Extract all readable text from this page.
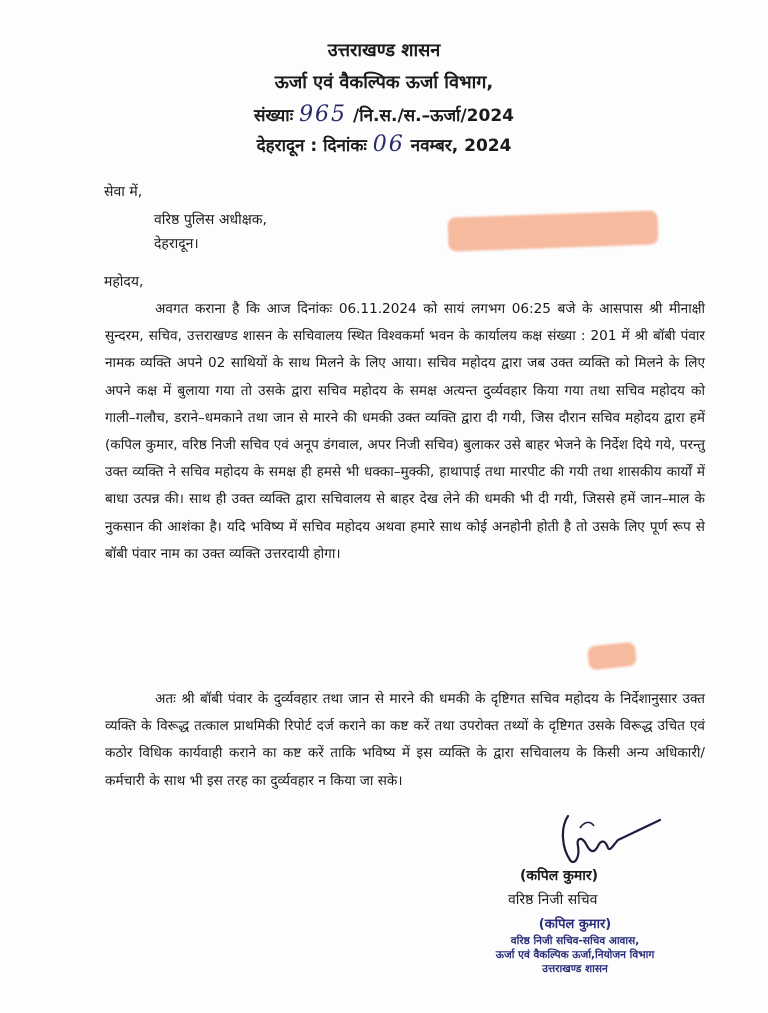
उत्तराखण्ड शासन
ऊर्जा एवं वैकल्पिक ऊर्जा विभाग,
संख्याः 965 /नि.स./स.–ऊर्जा/2024
देहरादून : दिनांकः 06 नवम्बर, 2024
सेवा में,
वरिष्ठ पुलिस अधीक्षक,
देहरादून।
महोदय,
अवगत कराना है कि आज दिनांकः 06.11.2024 को सायं लगभग 06:25 बजे के आसपास श्री मीनाक्षी सुन्दरम, सचिव, उत्तराखण्ड शासन के सचिवालय स्थित विश्वकर्मा भवन के कार्यालय कक्ष संख्या : 201 में श्री बॉबी पंवार नामक व्यक्ति अपने 02 साथियों के साथ मिलने के लिए आया। सचिव महोदय द्वारा जब उक्त व्यक्ति को मिलने के लिए अपने कक्ष में बुलाया गया तो उसके द्वारा सचिव महोदय के समक्ष अत्यन्त दुर्व्यवहार किया गया तथा सचिव महोदय को गाली–गलौच, डराने–धमकाने तथा जान से मारने की धमकी उक्त व्यक्ति द्वारा दी गयी, जिस दौरान सचिव महोदय द्वारा हमें (कपिल कुमार, वरिष्ठ निजी सचिव एवं अनूप डंगवाल, अपर निजी सचिव) बुलाकर उसे बाहर भेजने के निर्देश दिये गये, परन्तु उक्त व्यक्ति ने सचिव महोदय के समक्ष ही हमसे भी धक्का–मुक्की, हाथापाई तथा मारपीट की गयी तथा शासकीय कार्यों में बाधा उत्पन्न की। साथ ही उक्त व्यक्ति द्वारा सचिवालय से बाहर देख लेने की धमकी भी दी गयी, जिससे हमें जान–माल के नुकसान की आशंका है। यदि भविष्य में सचिव महोदय अथवा हमारे साथ कोई अनहोनी होती है तो उसके लिए पूर्ण रूप से बॉबी पंवार नाम का उक्त व्यक्ति उत्तरदायी होगा।
अतः श्री बॉबी पंवार के दुर्व्यवहार तथा जान से मारने की धमकी के दृष्टिगत सचिव महोदय के निर्देशानुसार उक्त व्यक्ति के विरूद्ध तत्काल प्राथमिकी रिपोर्ट दर्ज कराने का कष्ट करें तथा उपरोक्त तथ्यों के दृष्टिगत उसके विरूद्ध उचित एवं कठोर विधिक कार्यवाही कराने का कष्ट करें ताकि भविष्य में इस व्यक्ति के द्वारा सचिवालय के किसी अन्य अधिकारी/कर्मचारी के साथ भी इस तरह का दुर्व्यवहार न किया जा सके।
(कपिल कुमार)
वरिष्ठ निजी सचिव
(कपिल कुमार)
वरिष्ठ निजी सचिव-सचिव आवास,
ऊर्जा एवं वैकल्पिक ऊर्जा,नियोजन विभाग
उत्तराखण्ड शासन
